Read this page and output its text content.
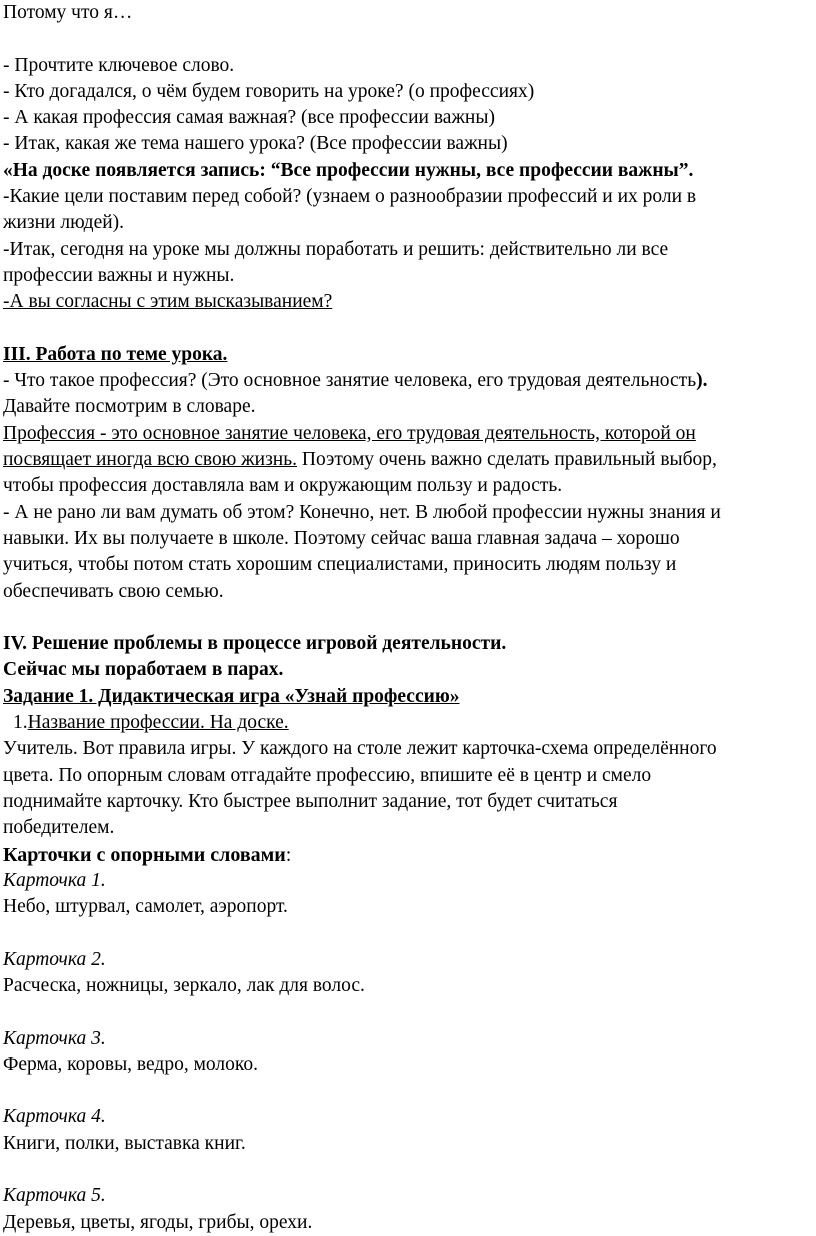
Потому что я…
- Прочтите ключевое слово.
- Кто догадался, о чём будем говорить на уроке? (о профессиях)
- А какая профессия самая важная? (все профессии важны)
- Итак, какая же тема нашего урока? (Все профессии важны)
«На доске появляется запись: “Все профессии нужны, все профессии важны”.
-Какие цели поставим перед собой? (узнаем о разнообразии профессий и их роли в
жизни людей).
-Итак, сегодня на уроке мы должны поработать и решить: действительно ли все
профессии важны и нужны.
-А вы согласны с этим высказыванием?
III. Работа по теме урока.
- Что такое профессия? (Это основное занятие человека, его трудовая деятельность).
Давайте посмотрим в словаре.
Профессия - это основное занятие человека, его трудовая деятельность, которой он
посвящает иногда всю свою жизнь. Поэтому очень важно сделать правильный выбор,
чтобы профессия доставляла вам и окружающим пользу и радость.
- А не рано ли вам думать об этом? Конечно, нет. В любой профессии нужны знания и
навыки. Их вы получаете в школе. Поэтому сейчас ваша главная задача – хорошо
учиться, чтобы потом стать хорошим специалистами, приносить людям пользу и
обеспечивать свою семью.
IV. Решение проблемы в процессе игровой деятельности.
Сейчас мы поработаем в парах.
Задание 1. Дидактическая игра «Узнай профессию»
1.Название профессии. На доске.
Учитель. Вот правила игры. У каждого на столе лежит карточка-схема определённого
цвета. По опорным словам отгадайте профессию, впишите её в центр и смело
поднимайте карточку. Кто быстрее выполнит задание, тот будет считаться
победителем.
Карточки с опорными словами:
Карточка 1.
Небо, штурвал, самолет, аэропорт.
Карточка 2.
Расческа, ножницы, зеркало, лак для волос.
Карточка 3.
Ферма, коровы, ведро, молоко.
Карточка 4.
Книги, полки, выставка книг.
Карточка 5.
Деревья, цветы, ягоды, грибы, орехи.
